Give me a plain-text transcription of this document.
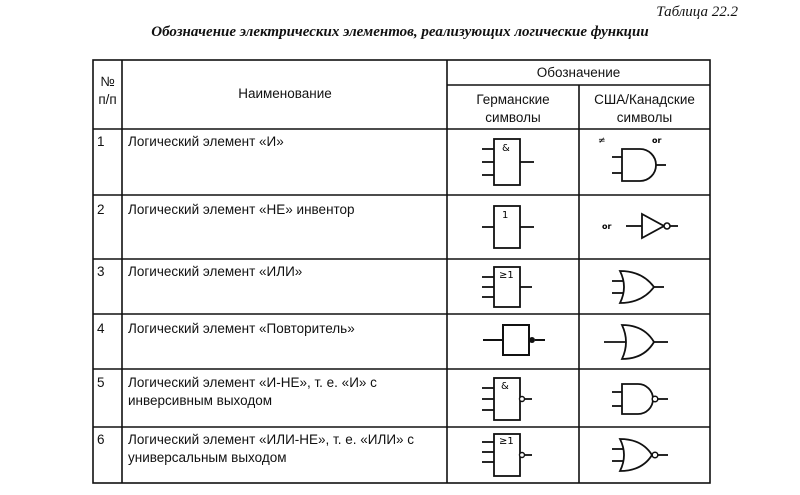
Таблица 22.2
Обозначение электрических элементов, реализующих логические функции
№
п/п	Наименование
Обозначение
Германские
символы
США/Канадские
символы
1 Логический элемент «И»
2 Логический элемент «НЕ» инвентор
3 Логический элемент «ИЛИ»
4 Логический элемент «Повторитель»
5 Логический элемент «И-НЕ», т. е. «И» с инверсивным выходом
6 Логический элемент «ИЛИ-НЕ», т. е. «ИЛИ» с универсальным выходом
&
1
≥1
&
≥1
≠	or
or
